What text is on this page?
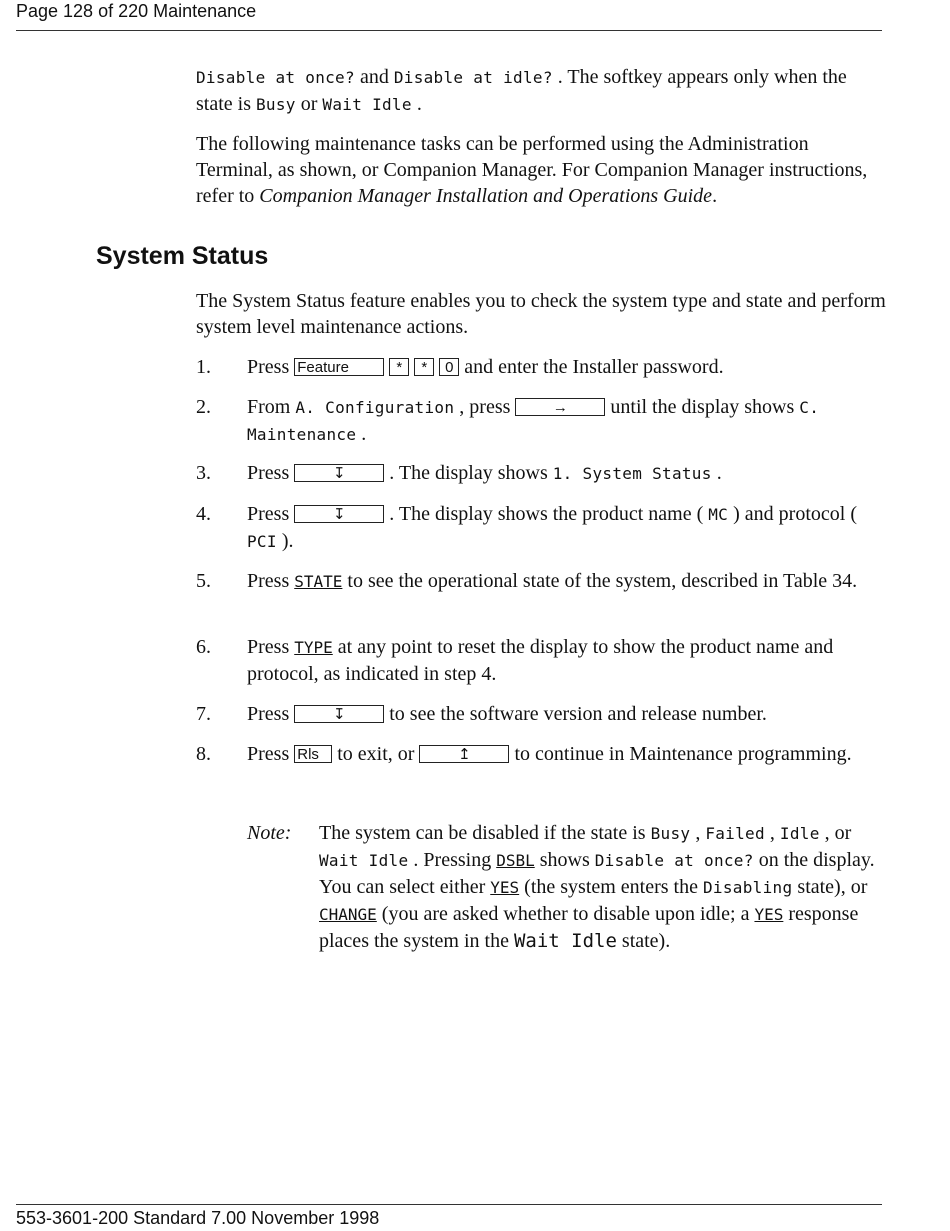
Page 128 of 220 Maintenance

Disable at once? and Disable at idle? . The softkey appears only when the state is Busy or Wait Idle .

The following maintenance tasks can be performed using the Administration Terminal, as shown, or Companion Manager. For Companion Manager instructions, refer to Companion Manager Installation and Operations Guide.

System Status

The System Status feature enables you to check the system type and state and perform system level maintenance actions.

1.	Press Feature	* * 0 and enter the Installer password.
2.	From A. Configuration , press	→ until the display shows C. Maintenance .
3.	Press	↧ . The display shows 1. System Status .
4.	Press	↧ . The display shows the product name ( MC ) and protocol ( PCI ).
5.	Press STATE to see the operational state of the system, described in Table 34.
6.	Press TYPE at any point to reset the display to show the product name and protocol, as indicated in step 4.
7.	Press	↧ to see the software version and release number.
8.	Press Rls to exit, or	↥ to continue in Maintenance programming.
Note: The system can be disabled if the state is Busy , Failed , Idle , or Wait Idle . Pressing DSBL shows Disable at once? on the display. You can select either YES (the system enters the Disabling state), or CHANGE (you are asked whether to disable upon idle; a YES response places the system in the Wait Idle state).
553-3601-200 Standard 7.00 November 1998
